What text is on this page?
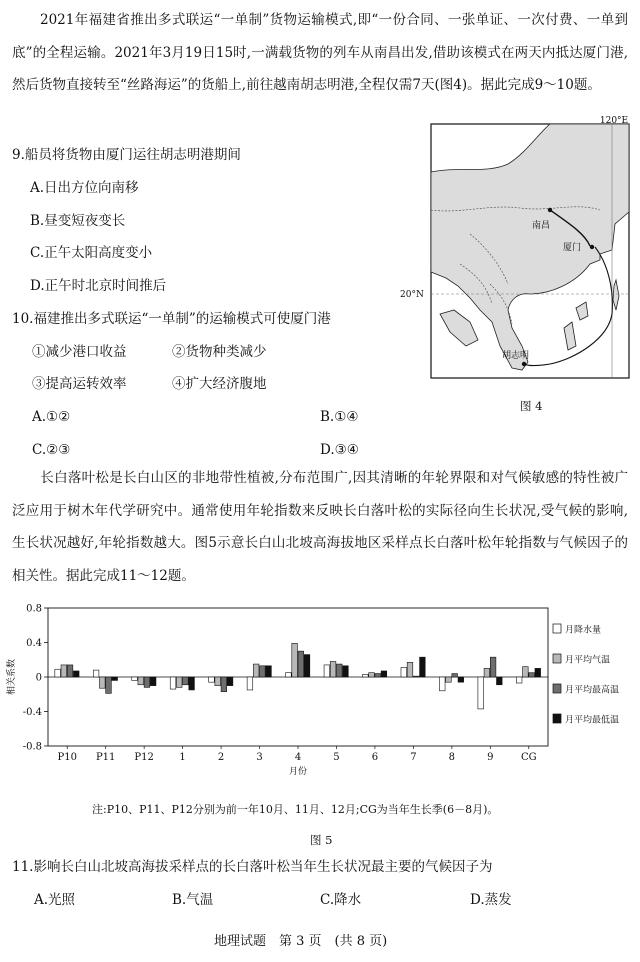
2021年福建省推出多式联运“一单制”货物运输模式,即“一份合同、一张单证、一次付费、一单到底”的全程运输。2021年3月19日15时,一满载货物的列车从南昌出发,借助该模式在两天内抵达厦门港,然后货物直接转至“丝路海运”的货船上,前往越南胡志明港,全程仅需7天(图4)。据此完成9～10题。
9.船员将货物由厦门运往胡志明港期间
A.日出方位向南移
B.昼变短夜变长
C.正午太阳高度变小
D.正午时北京时间推后
10.福建推出多式联运“一单制”的运输模式可使厦门港
①减少港口收益	②货物种类减少
③提高运转效率	④扩大经济腹地
A.①②	B.①④
C.②③	D.③④
120°E
20°N
南昌
厦门
胡志明
图 4
长白落叶松是长白山区的非地带性植被,分布范围广,因其清晰的年轮界限和对气候敏感的特性被广泛应用于树木年代学研究中。通常使用年轮指数来反映长白落叶松的实际径向生长状况,受气候的影响,生长状况越好,年轮指数越大。图5示意长白山北坡高海拔地区采样点长白落叶松年轮指数与气候因子的相关性。据此完成11～12题。
0.8
0.4
0
-0.4
-0.8
相关系数
P10 P11 P12	1	2	3	4	5	6	7	8	9	CG
月份
月降水量
月平均气温
月平均最高温
月平均最低温
注:P10、P11、P12分别为前一年10月、11月、12月;CG为当年生长季(6－8月)。
图 5
11.影响长白山北坡高海拔采样点的长白落叶松当年生长状况最主要的气候因子为
A.光照	B.气温	C.降水	D.蒸发
地理试题　第 3 页　(共 8 页)
